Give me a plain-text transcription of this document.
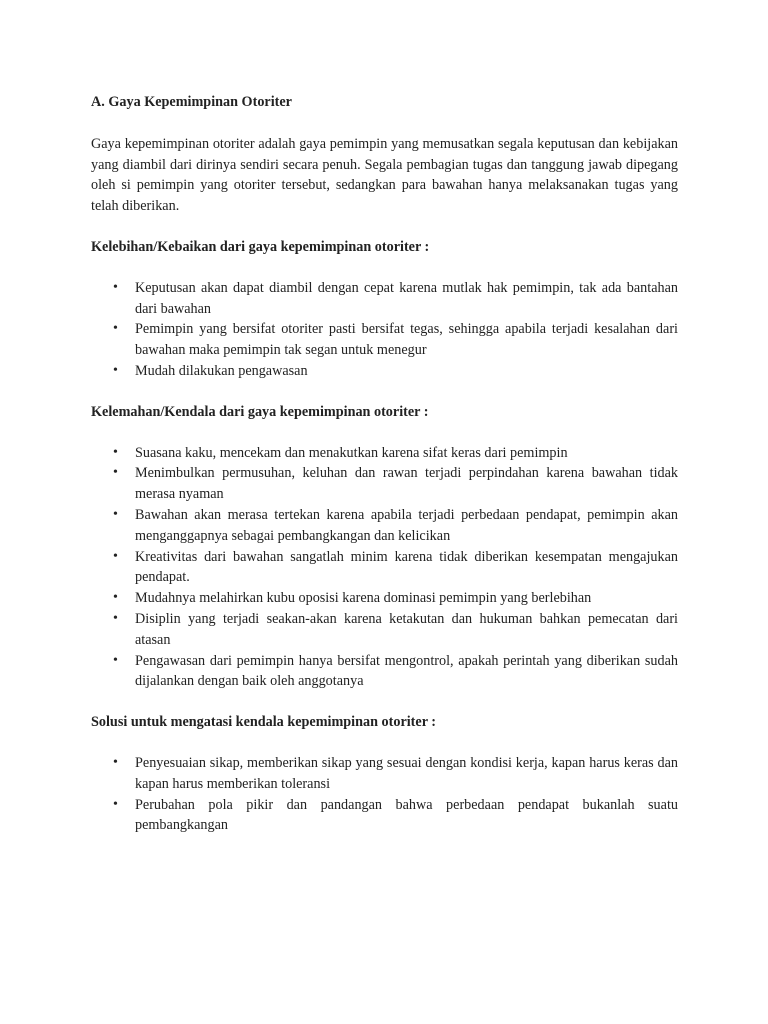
A. Gaya Kepemimpinan Otoriter

Gaya kepemimpinan otoriter adalah gaya pemimpin yang memusatkan segala keputusan dan kebijakan yang diambil dari dirinya sendiri secara penuh. Segala pembagian tugas dan tanggung jawab dipegang oleh si pemimpin yang otoriter tersebut, sedangkan para bawahan hanya melaksanakan tugas yang telah diberikan.

Kelebihan/Kebaikan dari gaya kepemimpinan otoriter :

• Keputusan akan dapat diambil dengan cepat karena mutlak hak pemimpin, tak ada bantahan dari bawahan
• Pemimpin yang bersifat otoriter pasti bersifat tegas, sehingga apabila terjadi kesalahan dari bawahan maka pemimpin tak segan untuk menegur
• Mudah dilakukan pengawasan

Kelemahan/Kendala dari gaya kepemimpinan otoriter :

• Suasana kaku, mencekam dan menakutkan karena sifat keras dari pemimpin
• Menimbulkan permusuhan, keluhan dan rawan terjadi perpindahan karena bawahan tidak merasa nyaman
• Bawahan akan merasa tertekan karena apabila terjadi perbedaan pendapat, pemimpin akan menganggapnya sebagai pembangkangan dan kelicikan
• Kreativitas dari bawahan sangatlah minim karena tidak diberikan kesempatan mengajukan pendapat.
• Mudahnya melahirkan kubu oposisi karena dominasi pemimpin yang berlebihan
• Disiplin yang terjadi seakan-akan karena ketakutan dan hukuman bahkan pemecatan dari atasan
• Pengawasan dari pemimpin hanya bersifat mengontrol, apakah perintah yang diberikan sudah dijalankan dengan baik oleh anggotanya

Solusi untuk mengatasi kendala kepemimpinan otoriter :

• Penyesuaian sikap, memberikan sikap yang sesuai dengan kondisi kerja, kapan harus keras dan kapan harus memberikan toleransi
• Perubahan pola pikir dan pandangan bahwa perbedaan pendapat bukanlah suatu pembangkangan
